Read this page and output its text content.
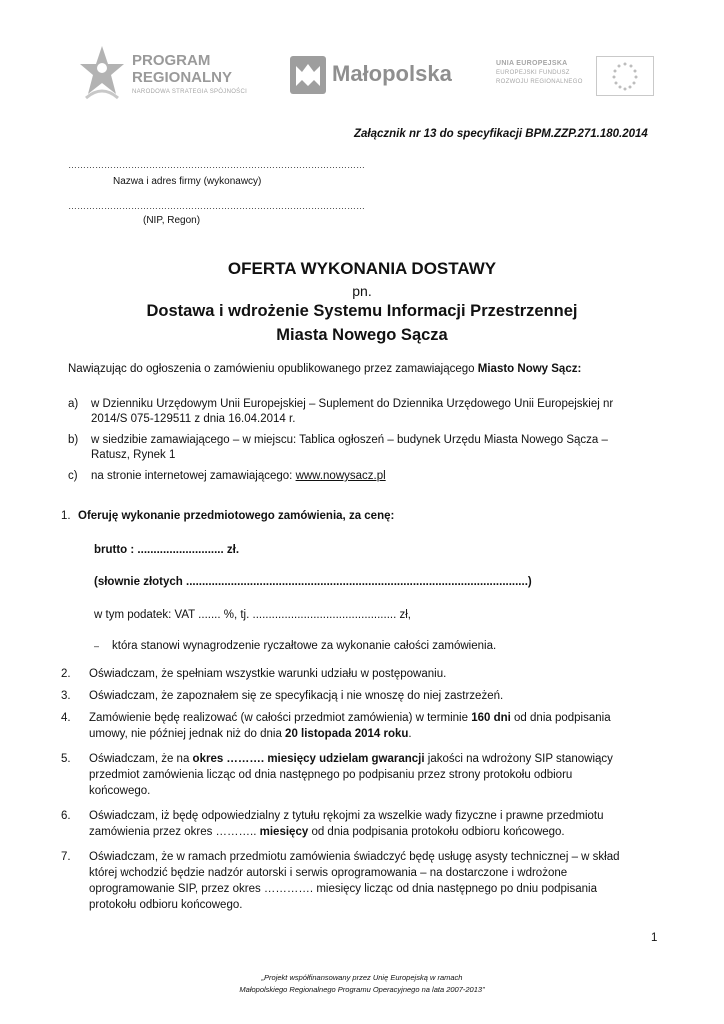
PROGRAM
REGIONALNY
NARODOWA STRATEGIA SPÓJNOŚCI
Małopolska	UNIA EUROPEJSKA
EUROPEJSKI FUNDUSZ
ROZWOJU REGIONALNEGO
Załącznik nr 13 do specyfikacji BPM.ZZP.271.180.2014
………………………………………………………………………………………
Nazwa i adres firmy (wykonawcy)
………………………………………………………………………………………
(NIP, Regon)
OFERTA WYKONANIA DOSTAWY
pn.
Dostawa i wdrożenie Systemu Informacji Przestrzennej
Miasta Nowego Sącza
Nawiązując do ogłoszenia o zamówieniu opublikowanego przez zamawiającego Miasto Nowy Sącz:
a) w Dzienniku Urzędowym Unii Europejskiej – Suplement do Dziennika Urzędowego Unii Europejskiej nr
2014/S 075-129511 z dnia 16.04.2014 r.
b) w siedzibie zamawiającego – w miejscu: Tablica ogłoszeń – budynek Urzędu Miasta Nowego Sącza –
Ratusz, Rynek 1
c) na stronie internetowej zamawiającego: www.nowysacz.pl
1. Oferuję wykonanie przedmiotowego zamówienia, za cenę:
brutto : ........................... zł.
(słownie złotych ...........................................................................................................)
w tym podatek: VAT ....... %, tj. ............................................. zł,
– która stanowi wynagrodzenie ryczałtowe za wykonanie całości zamówienia.
2. Oświadczam, że spełniam wszystkie warunki udziału w postępowaniu.
3. Oświadczam, że zapoznałem się ze specyfikacją i nie wnoszę do niej zastrzeżeń.
4. Zamówienie będę realizować (w całości przedmiot zamówienia) w terminie 160 dni od dnia podpisania
umowy, nie później jednak niż do dnia 20 listopada 2014 roku.
5. Oświadczam, że na okres ………. miesięcy udzielam gwarancji jakości na wdrożony SIP stanowiący
przedmiot zamówienia licząc od dnia następnego po podpisaniu przez strony protokołu odbioru
końcowego.
6. Oświadczam, iż będę odpowiedzialny z tytułu rękojmi za wszelkie wady fizyczne i prawne przedmiotu
zamówienia przez okres ……….. miesięcy od dnia podpisania protokołu odbioru końcowego.
7. Oświadczam, że w ramach przedmiotu zamówienia świadczyć będę usługę asysty technicznej – w skład
której wchodzić będzie nadzór autorski i serwis oprogramowania – na dostarczone i wdrożone
oprogramowanie SIP, przez okres …………. miesięcy licząc od dnia następnego po dniu podpisania
protokołu odbioru końcowego.
1
„Projekt współfinansowany przez Unię Europejską w ramach
Małopolskiego Regionalnego Programu Operacyjnego na lata 2007-2013”
